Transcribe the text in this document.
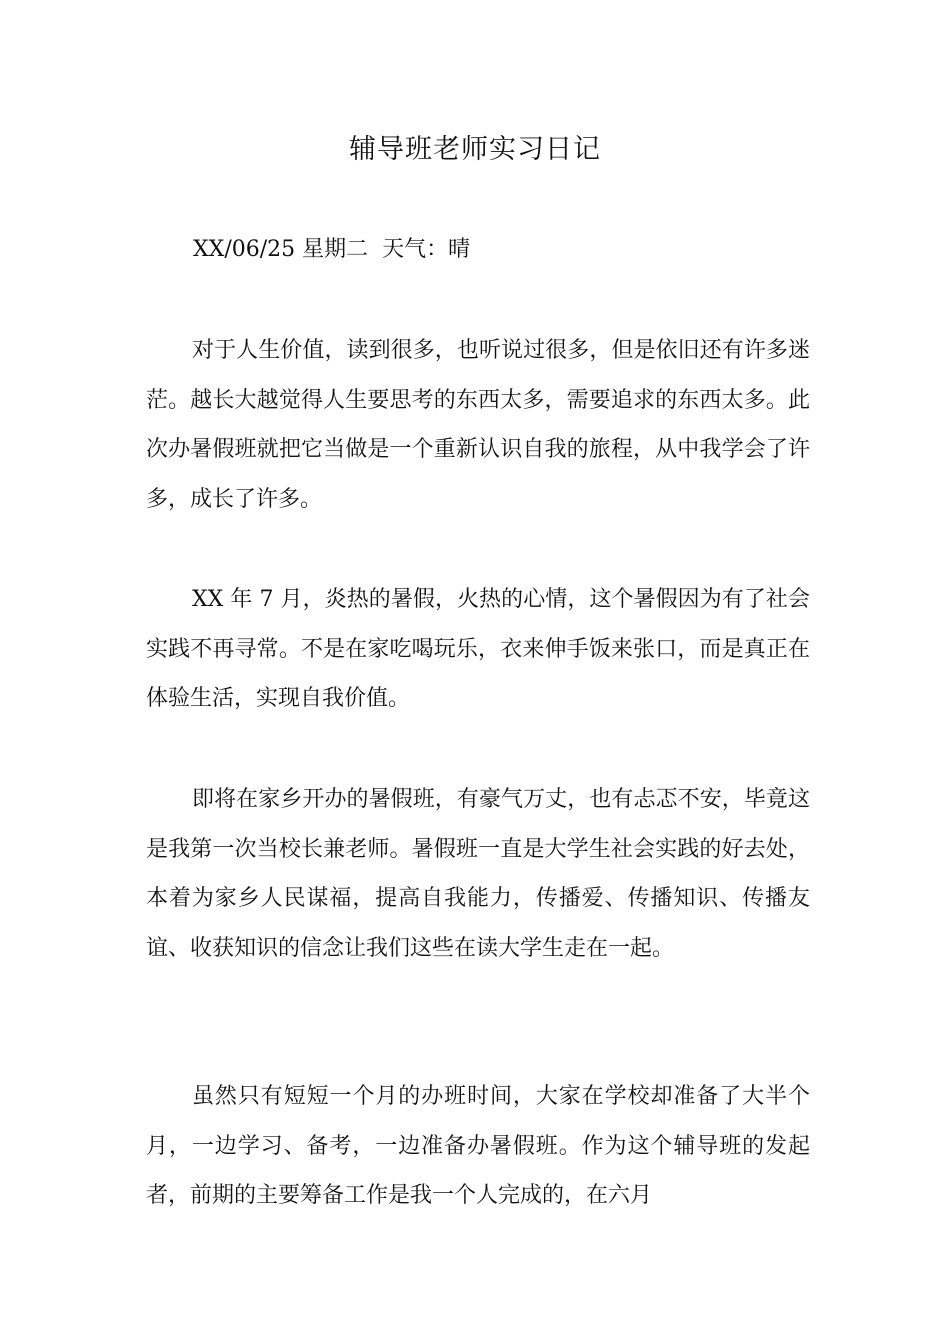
辅导班老师实习日记
XX/06/25 星期二  天气：晴

对于人生价值，读到很多，也听说过很多，但是依旧还有许多迷茫。越长大越觉得人生要思考的东西太多，需要追求的东西太多。此次办暑假班就把它当做是一个重新认识自我的旅程，从中我学会了许多，成长了许多。

XX 年 7 月，炎热的暑假，火热的心情，这个暑假因为有了社会实践不再寻常。不是在家吃喝玩乐，衣来伸手饭来张口，而是真正在体验生活，实现自我价值。

即将在家乡开办的暑假班，有豪气万丈，也有忐忑不安，毕竟这是我第一次当校长兼老师。暑假班一直是大学生社会实践的好去处，本着为家乡人民谋福，提高自我能力，传播爱、传播知识、传播友谊、收获知识的信念让我们这些在读大学生走在一起。

虽然只有短短一个月的办班时间，大家在学校却准备了大半个月，一边学习、备考，一边准备办暑假班。作为这个辅导班的发起者，前期的主要筹备工作是我一个人完成的，在六月
